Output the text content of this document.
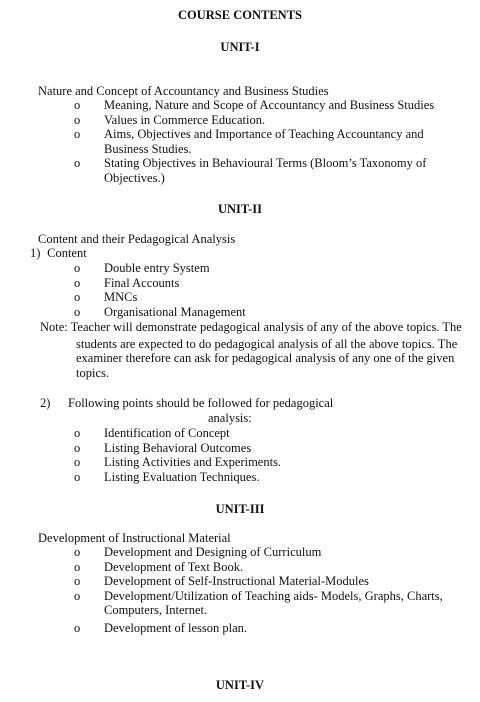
COURSE CONTENTS
UNIT-I
Nature and Concept of Accountancy and Business Studies
o Meaning, Nature and Scope of Accountancy and Business Studies
o Values in Commerce Education.
o Aims, Objectives and Importance of Teaching Accountancy and Business Studies.
o Stating Objectives in Behavioural Terms (Bloom’s Taxonomy of Objectives.)
UNIT-II
Content and their Pedagogical Analysis
1) Content
o Double entry System
o Final Accounts
o MNCs
o Organisational Management
Note: Teacher will demonstrate pedagogical analysis of any of the above topics. The
students are expected to do pedagogical analysis of all the above topics. The examiner therefore can ask for pedagogical analysis of any one of the given topics.
2) Following points should be followed for pedagogical
analysis:
o Identification of Concept
o Listing Behavioral Outcomes
o Listing Activities and Experiments.
o Listing Evaluation Techniques.
UNIT-III
Development of Instructional Material
o Development and Designing of Curriculum
o Development of Text Book.
o Development of Self-Instructional Material-Modules
o Development/Utilization of Teaching aids- Models, Graphs, Charts, Computers, Internet.
o Development of lesson plan.
UNIT-IV
